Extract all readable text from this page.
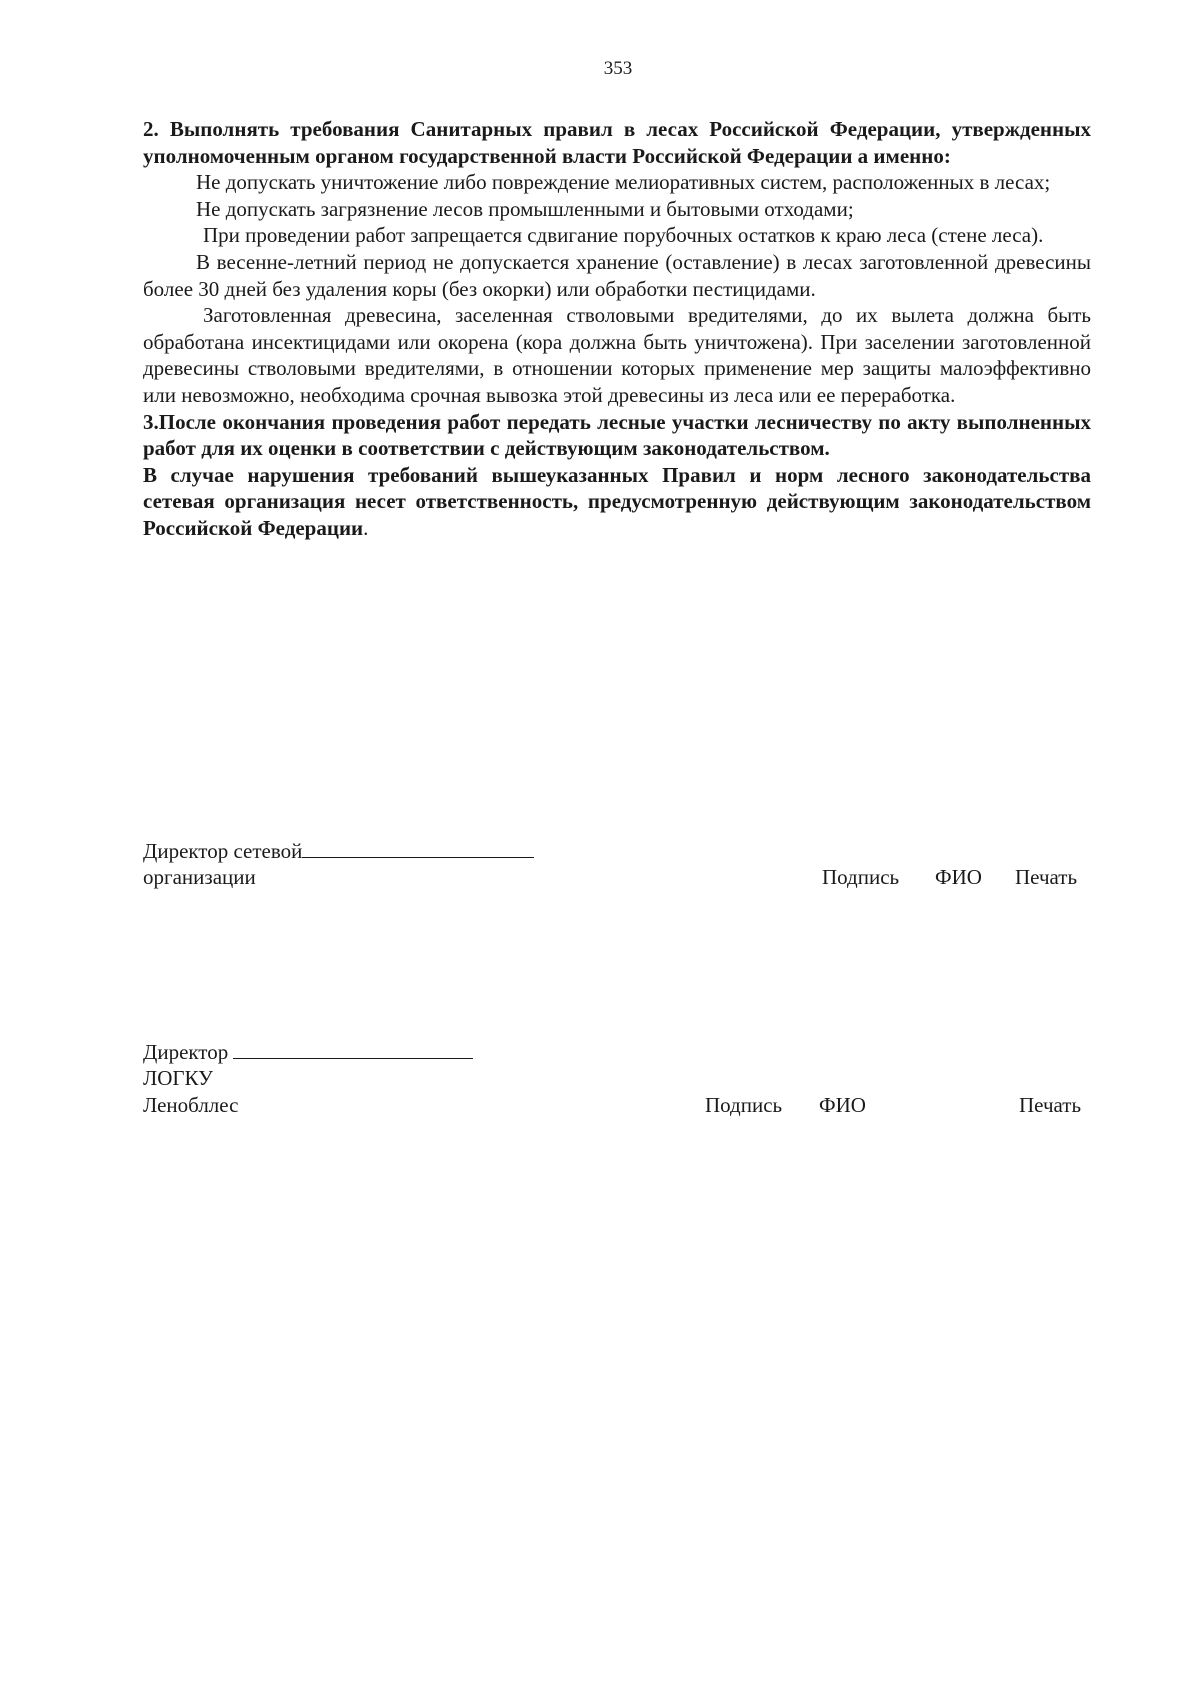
353

2. Выполнять требования Санитарных правил в лесах Российской Федерации, утвержденных уполномоченным органом государственной власти Российской Федерации а именно:

Не допускать уничтожение либо повреждение мелиоративных систем, расположенных в лесах;

Не допускать загрязнение лесов промышленными и бытовыми отходами;

При проведении работ запрещается сдвигание порубочных остатков к краю леса (стене леса).

В весенне-летний период не допускается хранение (оставление) в лесах заготовленной древесины более 30 дней без удаления коры (без окорки) или обработки пестицидами.

Заготовленная древесина, заселенная стволовыми вредителями, до их вылета должна быть обработана инсектицидами или окорена (кора должна быть уничтожена). При заселении заготовленной древесины стволовыми вредителями, в отношении которых применение мер защиты малоэффективно или невозможно, необходима срочная вывозка этой древесины из леса или ее переработка.

3.После окончания проведения работ передать лесные участки лесничеству по акту выполненных работ для их оценки в соответствии с действующим законодательством.

В случае нарушения требований вышеуказанных Правил и норм лесного законодательства сетевая организация несет ответственность, предусмотренную действующим законодательством Российской Федерации.

Директор сетевой
организации	Подпись ФИО Печать
Директор
ЛОГКУ
Ленобллес	Подпись ФИО	Печать
